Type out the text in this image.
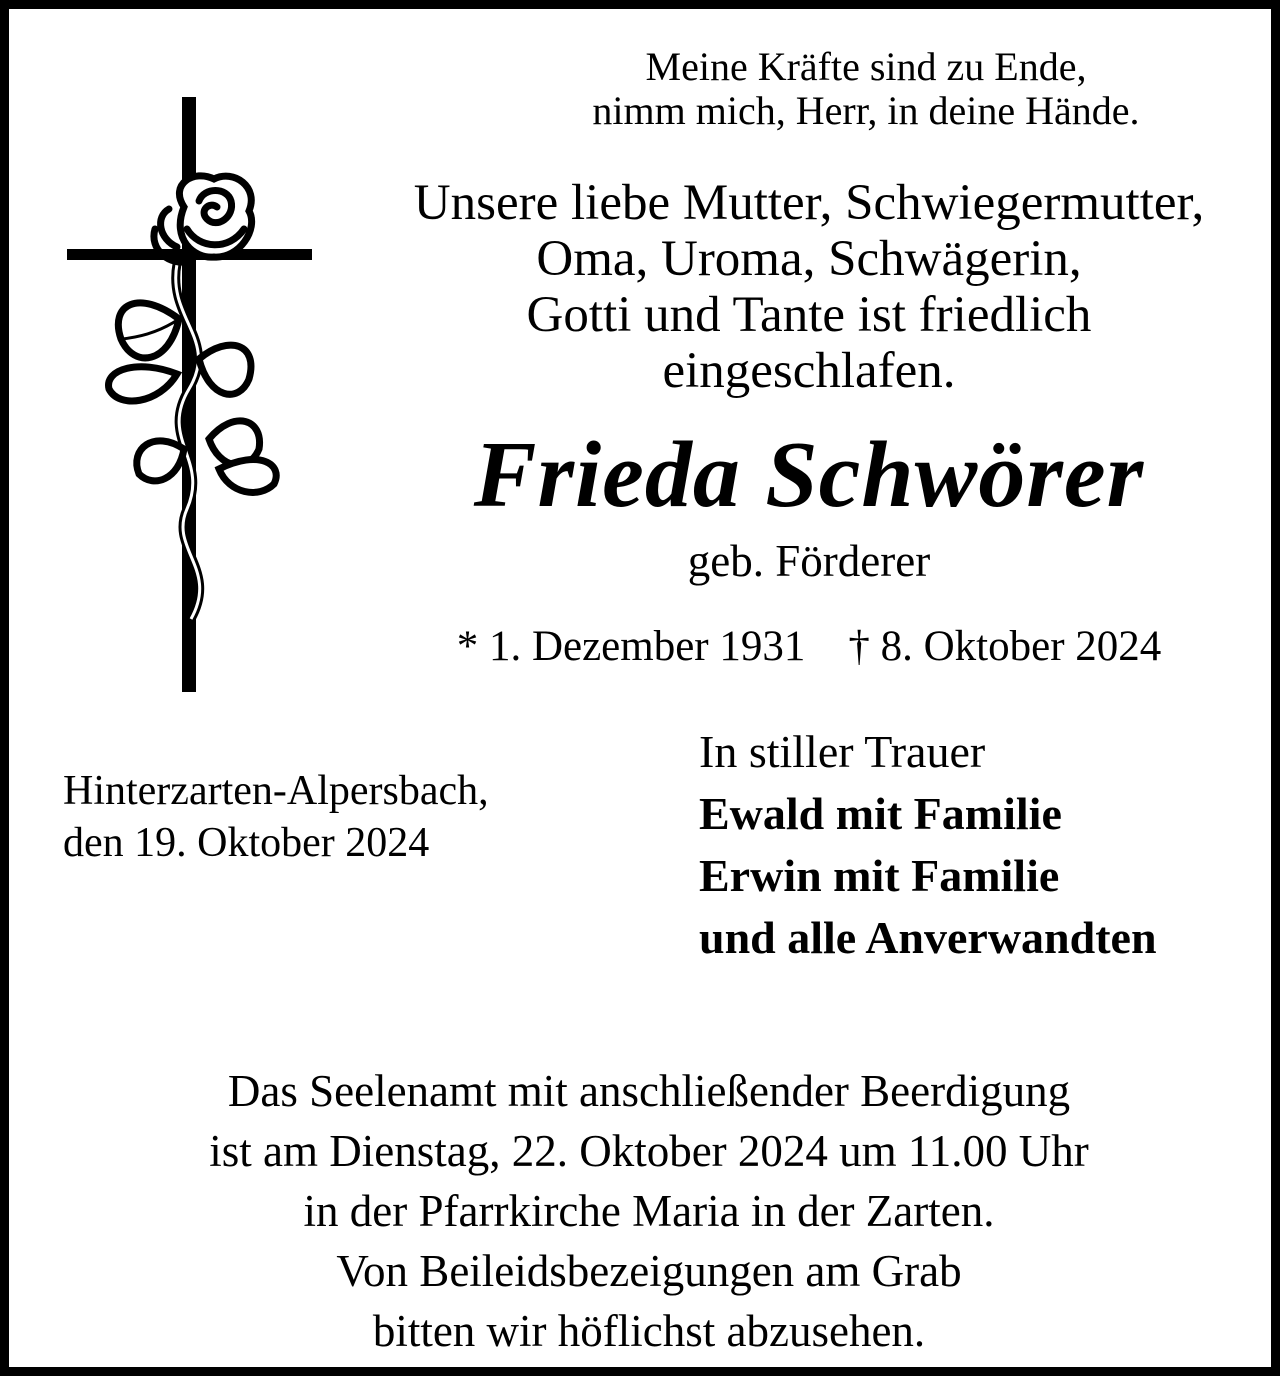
Meine Kräfte sind zu Ende,
nimm mich, Herr, in deine Hände.
Unsere liebe Mutter, Schwiegermutter,
Oma, Uroma, Schwägerin,
Gotti und Tante ist friedlich
eingeschlafen.
Frieda Schwörer
geb. Förderer
* 1. Dezember 1931    † 8. Oktober 2024
Hinterzarten-Alpersbach,
den 19. Oktober 2024
In stiller Trauer
Ewald mit Familie
Erwin mit Familie
und alle Anverwandten
Das Seelenamt mit anschließender Beerdigung
ist am Dienstag, 22. Oktober 2024 um 11.00 Uhr
in der Pfarrkirche Maria in der Zarten.
Von Beileidsbezeigungen am Grab
bitten wir höflichst abzusehen.
